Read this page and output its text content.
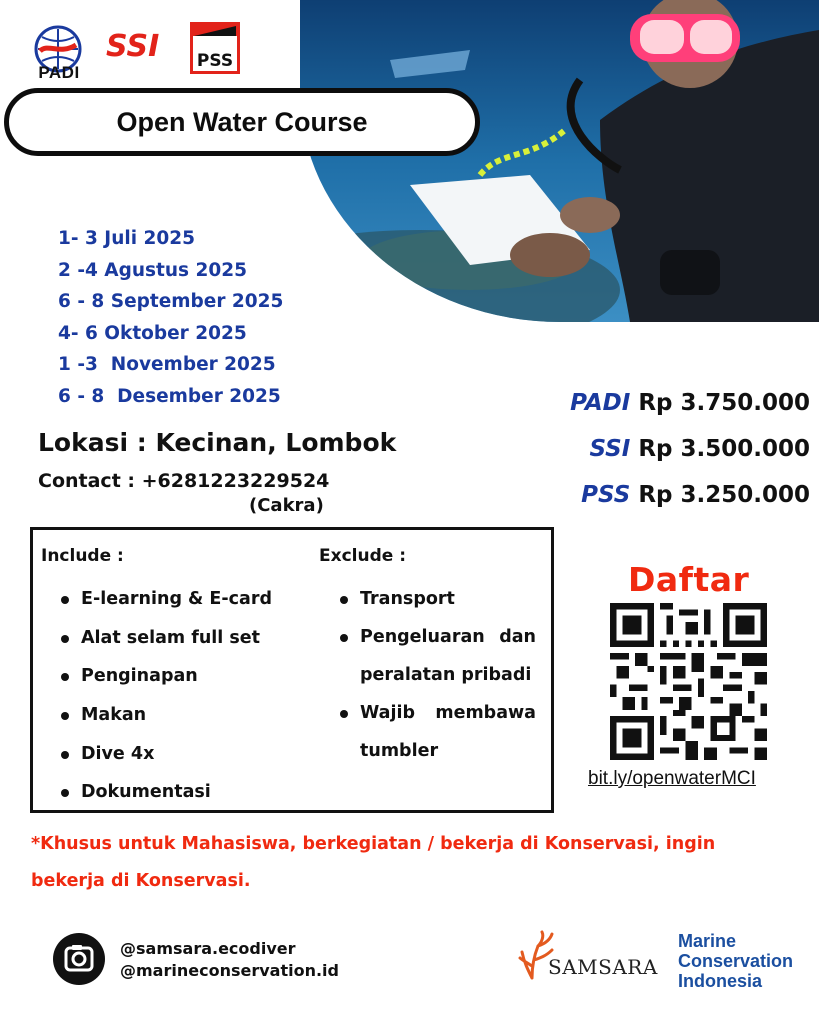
PADI
SSI PSS
Open Water Course
1- 3 Juli 2025
2 -4 Agustus 2025
6 - 8 September 2025
4- 6 Oktober 2025
1 -3  November 2025
6 - 8  Desember 2025
Lokasi : Kecinan, Lombok
Contact : +6281223229524
(Cakra)
PADI Rp 3.750.000
SSI Rp 3.500.000
PSS Rp 3.250.000
Include :
E-learning & E-card
Alat selam full set
Penginapan
Makan
Dive 4x
Dokumentasi
Exclude :
Transport
Pengeluaran dan peralatan pribadi
Wajib membawa tumbler
Daftar
bit.ly/openwaterMCI
*Khusus untuk Mahasiswa, berkegiatan / bekerja di Konservasi, ingin bekerja di Konservasi.
@samsara.ecodiver
@marineconservation.id	SAMSARA
Marine
Conservation
Indonesia
